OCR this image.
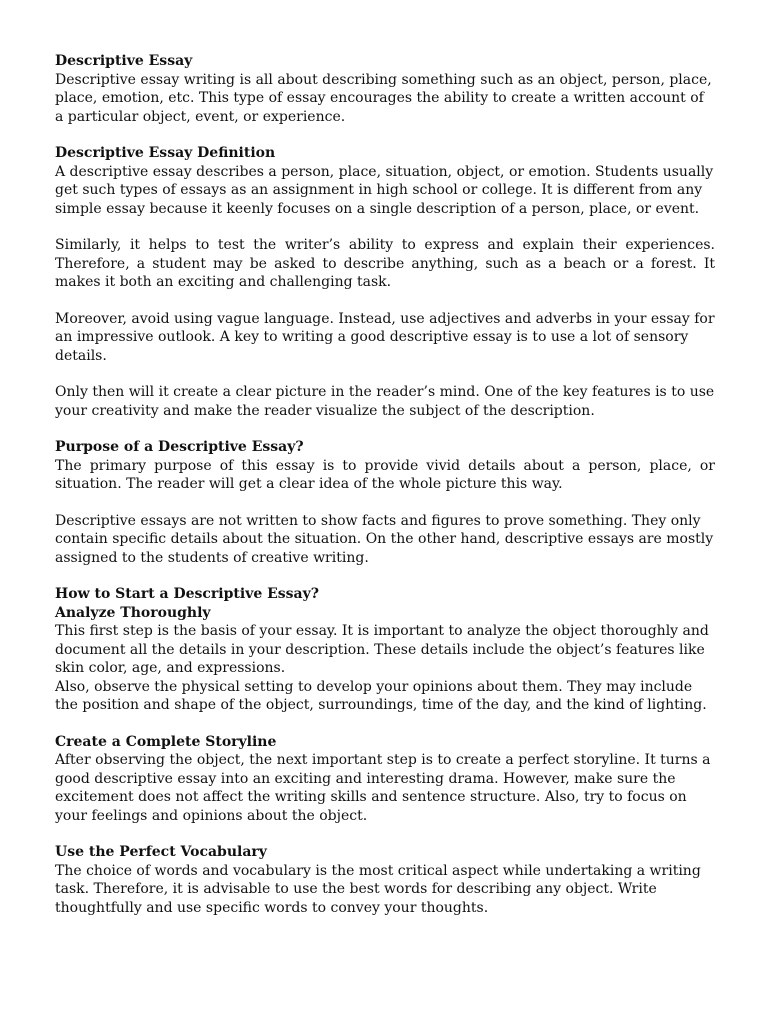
Descriptive Essay

Descriptive essay writing is all about describing something such as an object, person, place, place, emotion, etc. This type of essay encourages the ability to create a written account of a particular object, event, or experience.

Descriptive Essay Definition

A descriptive essay describes a person, place, situation, object, or emotion. Students usually get such types of essays as an assignment in high school or college. It is different from any simple essay because it keenly focuses on a single description of a person, place, or event.

Similarly, it helps to test the writer’s ability to express and explain their experiences. Therefore, a student may be asked to describe anything, such as a beach or a forest. It makes it both an exciting and challenging task.

Moreover, avoid using vague language. Instead, use adjectives and adverbs in your essay for an impressive outlook. A key to writing a good descriptive essay is to use a lot of sensory details.

Only then will it create a clear picture in the reader’s mind. One of the key features is to use your creativity and make the reader visualize the subject of the description.

Purpose of a Descriptive Essay?

The primary purpose of this essay is to provide vivid details about a person, place, or situation. The reader will get a clear idea of the whole picture this way.

Descriptive essays are not written to show facts and figures to prove something. They only contain specific details about the situation. On the other hand, descriptive essays are mostly assigned to the students of creative writing.

How to Start a Descriptive Essay?
Analyze Thoroughly

This first step is the basis of your essay. It is important to analyze the object thoroughly and document all the details in your description. These details include the object’s features like skin color, age, and expressions.

Also, observe the physical setting to develop your opinions about them. They may include the position and shape of the object, surroundings, time of the day, and the kind of lighting.

Create a Complete Storyline

After observing the object, the next important step is to create a perfect storyline. It turns a good descriptive essay into an exciting and interesting drama. However, make sure the excitement does not affect the writing skills and sentence structure. Also, try to focus on your feelings and opinions about the object.

Use the Perfect Vocabulary

The choice of words and vocabulary is the most critical aspect while undertaking a writing task. Therefore, it is advisable to use the best words for describing any object. Write thoughtfully and use specific words to convey your thoughts.
